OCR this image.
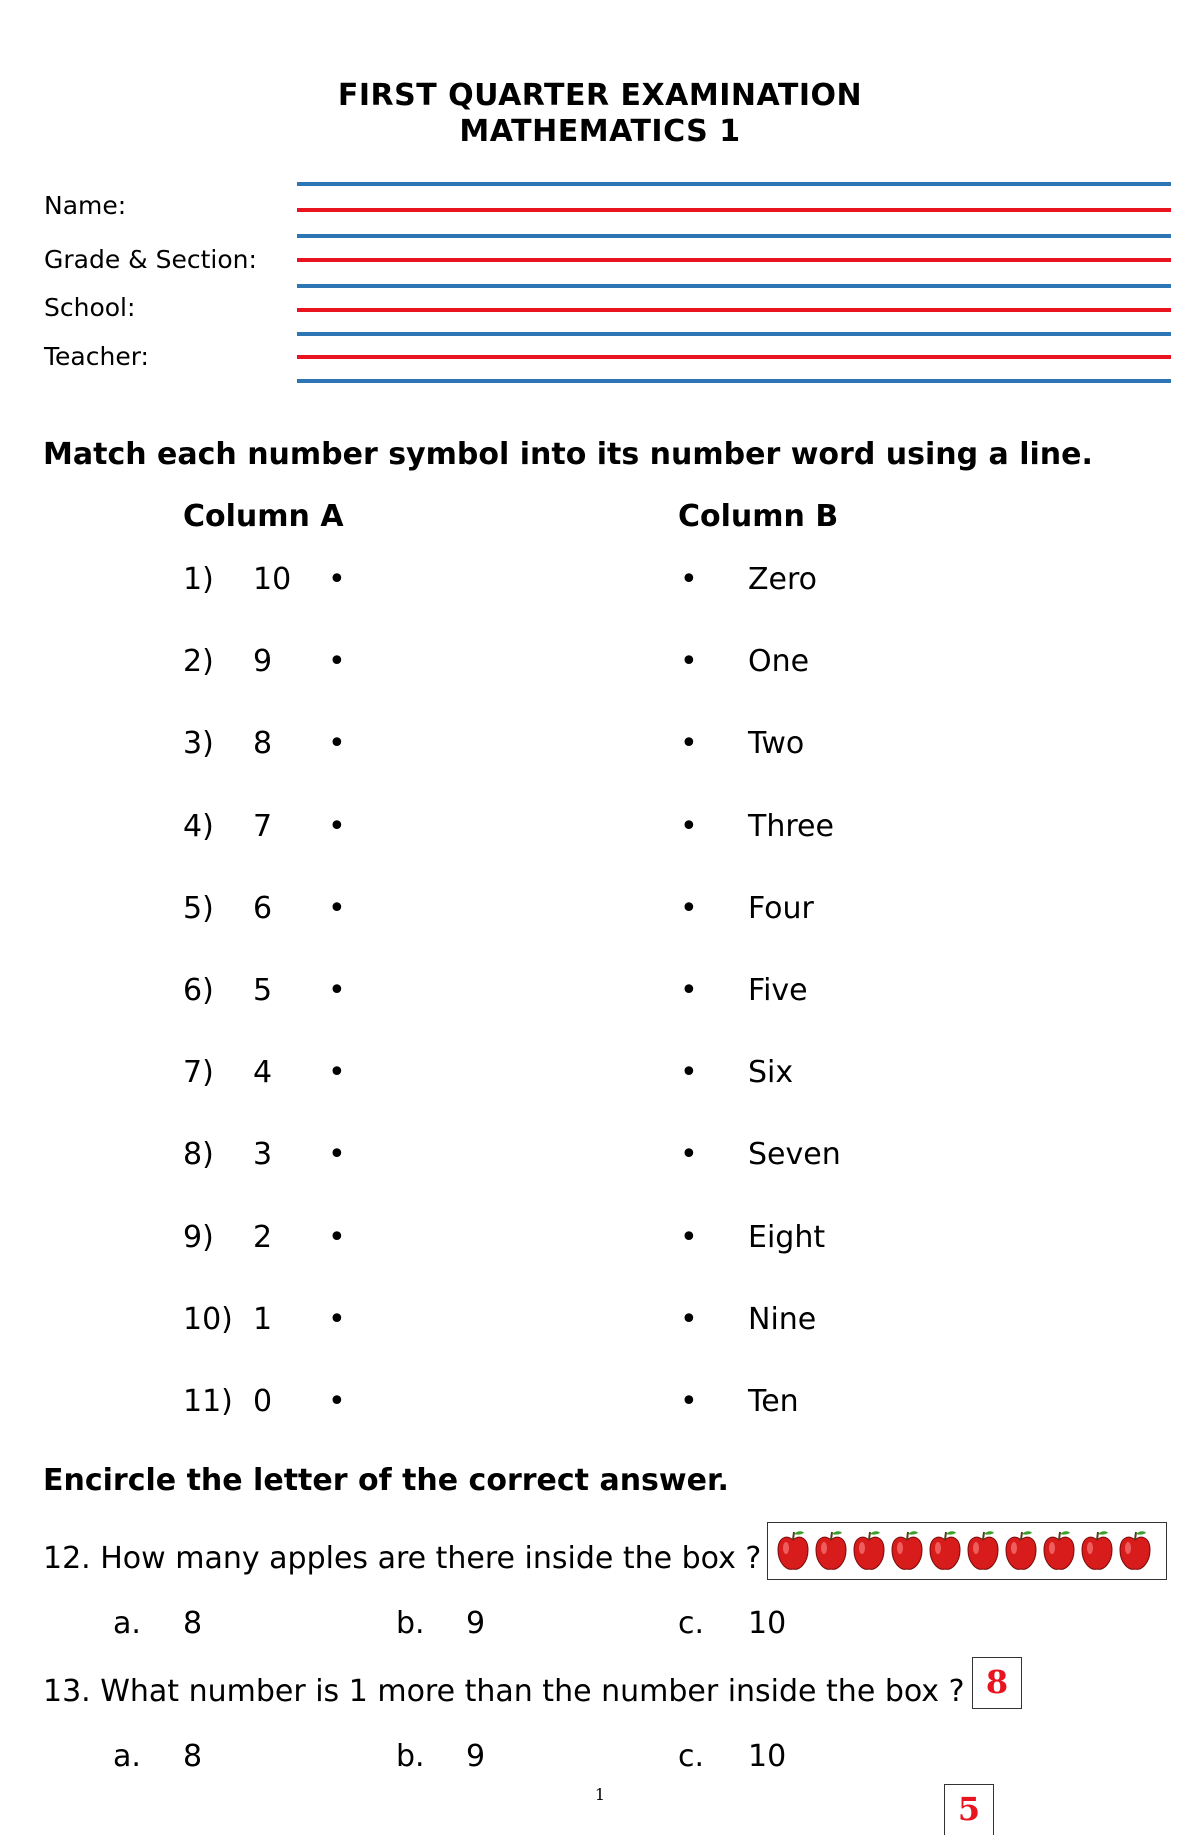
FIRST QUARTER EXAMINATION
MATHEMATICS 1
Name:
Grade & Section:
School:
Teacher:
Match each number symbol into its number word using a line.
Column A	Column B
1) 10 •	• Zero
2) 9 •	• One
3) 8 •	• Two
4) 7 •	• Three
5) 6 •	• Four
6) 5 •	• Five
7) 4 •	• Six
8) 3 •	• Seven
9) 2 •	• Eight
10) 1 •	• Nine
11) 0 •	• Ten
Encircle the letter of the correct answer.
12. How many apples are there inside the box ?
a. 8	b. 9	c. 10
13. What number is 1 more than the number inside the box ? 8
a. 8	b. 9	c. 10
1	5
